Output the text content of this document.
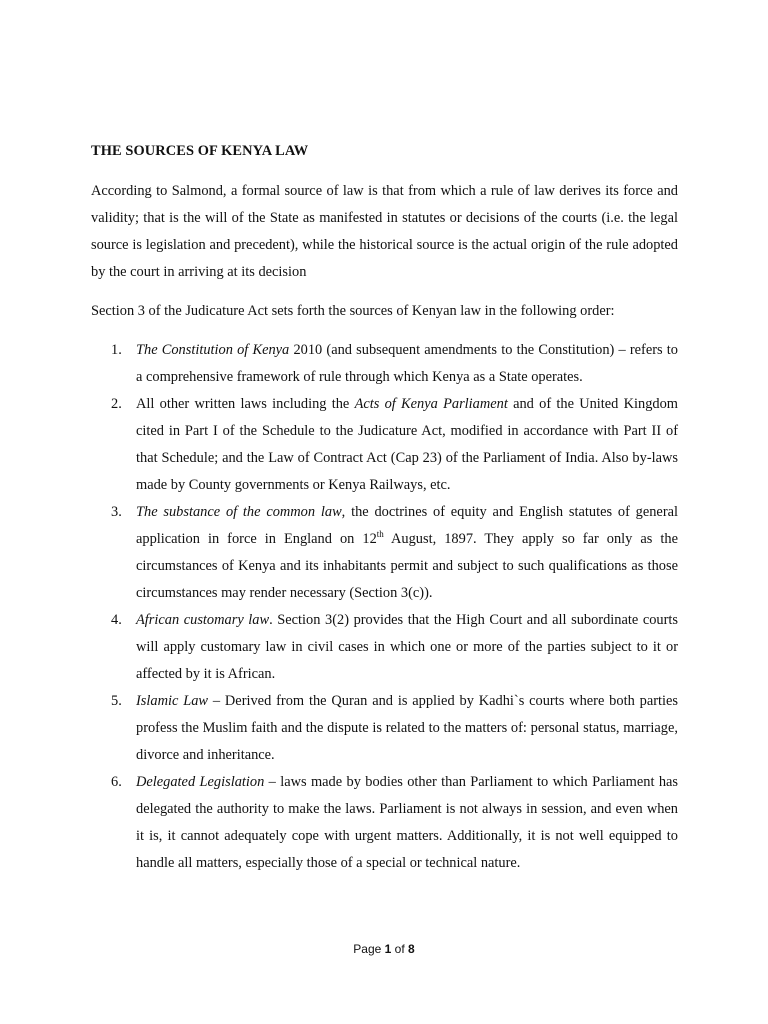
THE SOURCES OF KENYA LAW

According to Salmond, a formal source of law is that from which a rule of law derives its force and validity; that is the will of the State as manifested in statutes or decisions of the courts (i.e. the legal source is legislation and precedent), while the historical source is the actual origin of the rule adopted by the court in arriving at its decision

Section 3 of the Judicature Act sets forth the sources of Kenyan law in the following order:

1. The Constitution of Kenya 2010 (and subsequent amendments to the Constitution) – refers to a comprehensive framework of rule through which Kenya as a State operates.
2. All other written laws including the Acts of Kenya Parliament and of the United Kingdom cited in Part I of the Schedule to the Judicature Act, modified in accordance with Part II of that Schedule; and the Law of Contract Act (Cap 23) of the Parliament of India. Also by-laws made by County governments or Kenya Railways, etc.
3. The substance of the common law, the doctrines of equity and English statutes of general application in force in England on 12th August, 1897. They apply so far only as the circumstances of Kenya and its inhabitants permit and subject to such qualifications as those circumstances may render necessary (Section 3(c)).
4. African customary law. Section 3(2) provides that the High Court and all subordinate courts will apply customary law in civil cases in which one or more of the parties subject to it or affected by it is African.
5. Islamic Law – Derived from the Quran and is applied by Kadhi`s courts where both parties profess the Muslim faith and the dispute is related to the matters of: personal status, marriage, divorce and inheritance.
6. Delegated Legislation – laws made by bodies other than Parliament to which Parliament has delegated the authority to make the laws. Parliament is not always in session, and even when it is, it cannot adequately cope with urgent matters. Additionally, it is not well equipped to handle all matters, especially those of a special or technical nature.
Page 1 of 8
